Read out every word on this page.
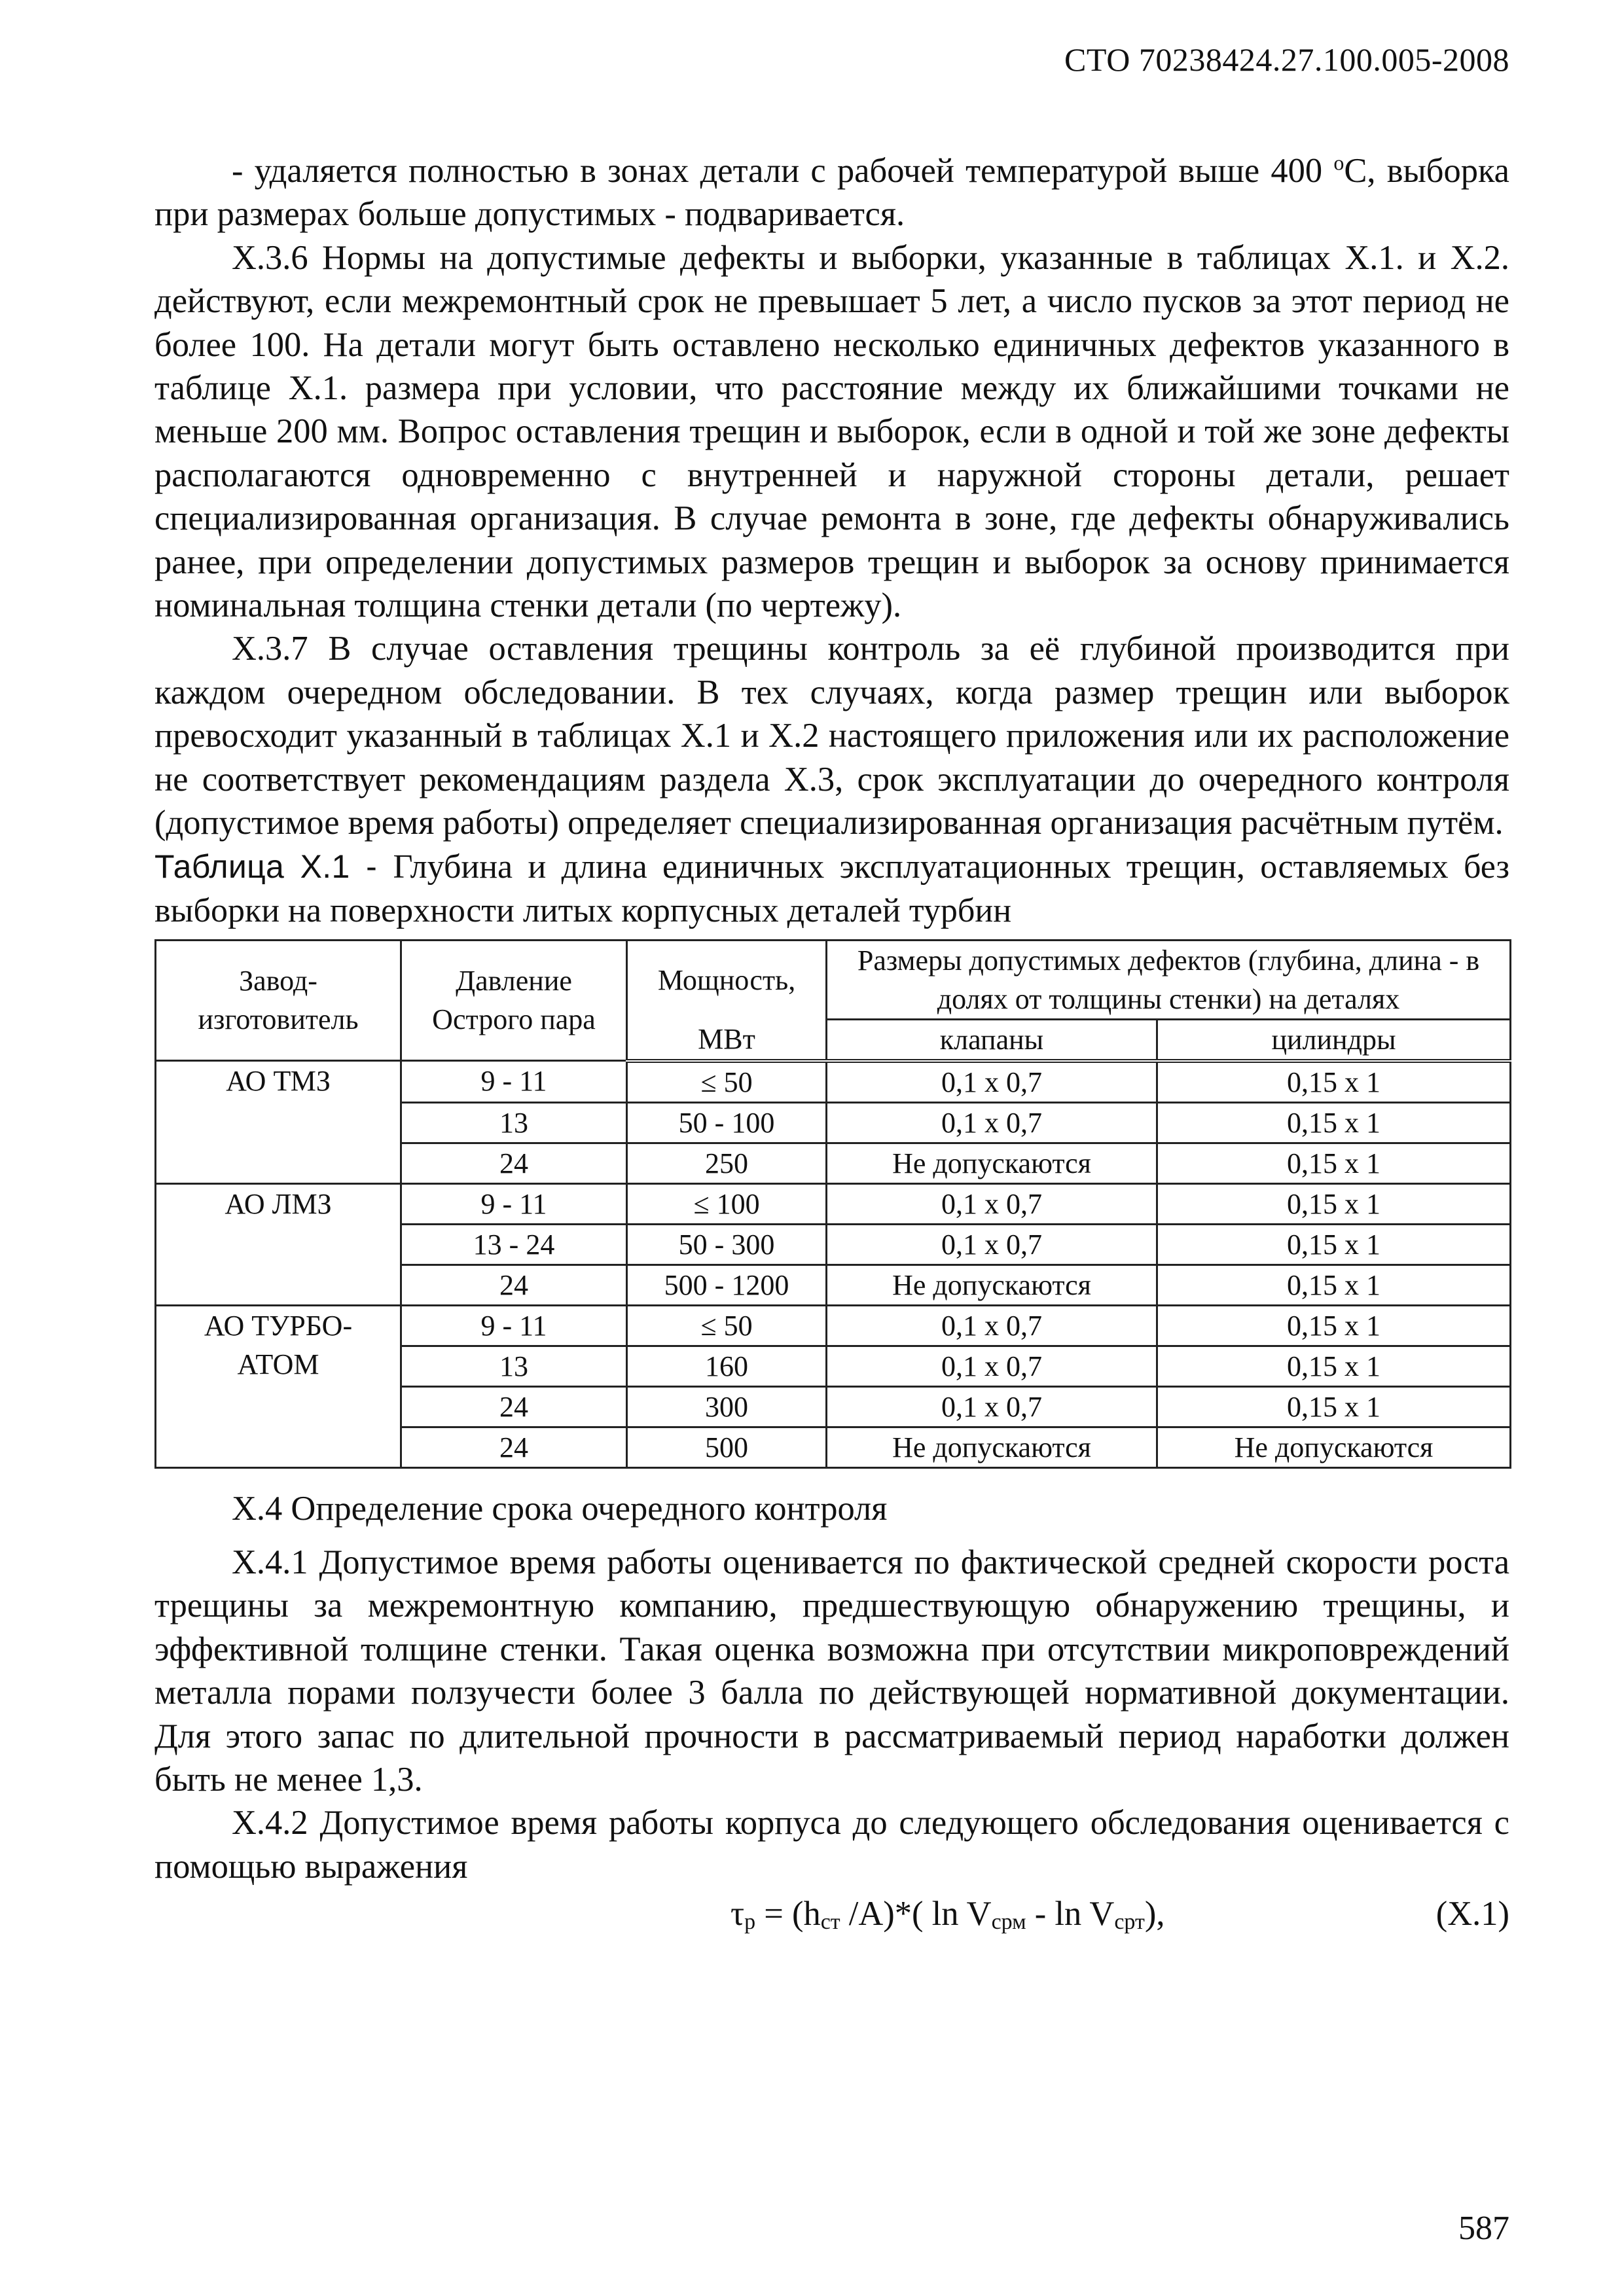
СТО 70238424.27.100.005-2008

- удаляется полностью в зонах детали с рабочей температурой выше 400 $^о$С, выборка при размерах больше допустимых - подваривается.

Х.3.6 Нормы на допустимые дефекты и выборки, указанные в таблицах Х.1. и Х.2. действуют, если межремонтный срок не превышает 5 лет, а число пусков за этот период не более 100. На детали могут быть оставлено несколько единичных дефектов указанного в таблице Х.1. размера при условии, что расстояние между их ближайшими точками не меньше 200 мм. Вопрос оставления трещин и выборок, если в одной и той же зоне дефекты располагаются одновременно с внутренней и наружной стороны детали, решает специализированная организация. В случае ремонта в зоне, где дефекты обнаруживались ранее, при определении допустимых размеров трещин и выборок за основу принимается номинальная толщина стенки детали (по чертежу).

Х.3.7 В случае оставления трещины контроль за её глубиной производится при каждом очередном обследовании. В тех случаях, когда размер трещин или выборок превосходит указанный в таблицах Х.1 и Х.2 настоящего приложения или их расположение не соответствует рекомендациям раздела Х.3, срок эксплуатации до очередного контроля (допустимое время работы) определяет специализированная организация расчётным путём.

Таблица Х.1 - Глубина и длина единичных эксплуатационных трещин, оставляемых без выборки на поверхности литых корпусных деталей турбин

Завод-изготовитель	Давление Острого пара	Мощность,	Размеры допустимых дефектов (глубина, длина - в долях от толщины стенки) на деталях	
		МВт	клапаны	цилиндры
АО ТМЗ	9 - 11	≤ 50	0,1 х 0,7	0,15 х 1
	13	50 - 100	0,1 х 0,7	0,15 х 1
	24	250	Не допускаются	0,15 х 1
АО ЛМЗ	9 - 11	≤ 100	0,1 х 0,7	0,15 х 1
	13 - 24	50 - 300	0,1 х 0,7	0,15 х 1
	24	500 - 1200	Не допускаются	0,15 х 1
АО ТУРБО-АТОМ	9 - 11	≤ 50	0,1 х 0,7	0,15 х 1
	13	160	0,1 х 0,7	0,15 х 1
	24	300	0,1 х 0,7	0,15 х 1
	24	500	Не допускаются	Не допускаются

Х.4 Определение срока очередного контроля

Х.4.1 Допустимое время работы оценивается по фактической средней скорости роста трещины за межремонтную компанию, предшествующую обнаружению трещины, и эффективной толщине стенки. Такая оценка возможна при отсутствии микроповреждений металла порами ползучести более 3 балла по действующей нормативной документации. Для этого запас по длительной прочности в рассматриваемый период наработки должен быть не менее 1,3.

Х.4.2 Допустимое время работы корпуса до следующего обследования оценивается с помощью выражения

$\tau_р = (h_{ст}$ /A)*( $\ln V_{срм}$ - $\ln V_{срт}$),	(Х.1)
587
